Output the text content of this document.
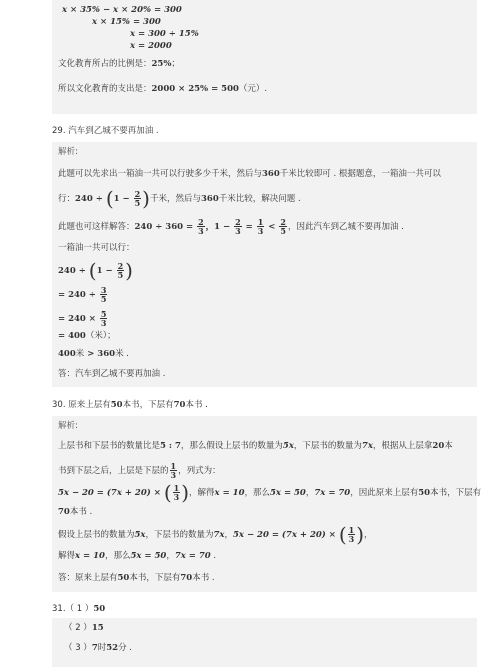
x × 35% − x × 20% = 300
x × 15% = 300
x = 300 ÷ 15%
x = 2000
文化教育所占的比例是：25%；
所以文化教育的支出是：2000 × 25% = 500（元）.
29. 汽车到乙城不要再加油 .
解析:
此题可以先求出一箱油一共可以行驶多少千米，然后与360千米比较即可 . 根据题意，一箱油一共可以
行：$240 \div (1 - \frac{2}{5}$ )千米，然后与360千米比较，解决问题 .
此题也可这样解答：$240 \div 360 = \frac{2}{3}$ ，$1 - \frac{2}{3} = \frac{1}{3} < \frac{2}{5}$ ，因此汽车到乙城不要再加油 .
一箱油一共可以行：
$240 \div (1 - \frac{2}{5}$ )
= $240 \div \frac{3}{5}$
= $240 \times \frac{5}{3}$
= 400（米）；
400米 > 360米 .
答：汽车到乙城不要再加油 .
30. 原来上层有50本书，下层有70本书 .
解析:
上层书和下层书的数量比是5 : 7，那么假设上层书的数量为5x，下层书的数量为7x，根据从上层拿20本
书到下层之后，上层是下层的 $\frac{1}{3}$ ，列式为：
5x − 20 = (7x + 20) × ( $\frac{1}{3}$ )，解得x = 10，那么5x = 50，7x = 70，因此原来上层有50本书，下层有
70本书 .
假设上层书的数量为5x，下层书的数量为7x，5x − 20 = (7x + 20) × ( $\frac{1}{3}$ )，
解得x = 10，那么5x = 50，7x = 70 .
答：原来上层有50本书，下层有70本书 .
31.（ 1 ）50
（ 2 ）15
（ 3 ）7时52分 .
